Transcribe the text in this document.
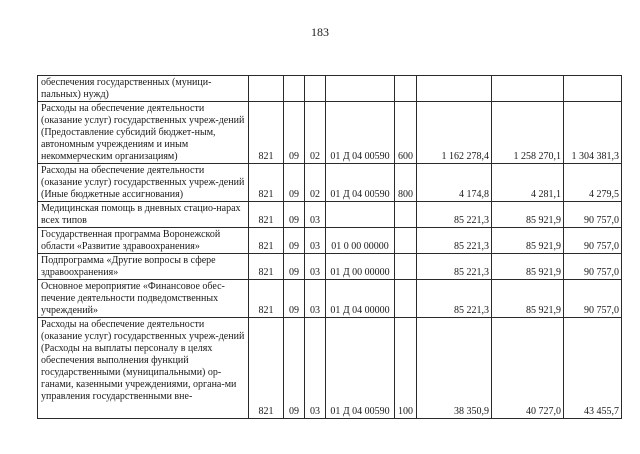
183
обеспечения государственных (муници-пальных) нужд)								
Расходы на обеспечение деятельности (оказание услуг) государственных учреж-дений (Предоставление субсидий бюджет-ным, автономным учреждениям и иным некоммерческим организациям)	821	09	02	01 Д 04 00590	600	1 162 278,4	1 258 270,1	1 304 381,3
Расходы на обеспечение деятельности (оказание услуг) государственных учреж-дений (Иные бюджетные ассигнования)	821	09	02	01 Д 04 00590	800	4 174,8	4 281,1	4 279,5
Медицинская помощь в дневных стацио-нарах всех типов	821	09	03			85 221,3	85 921,9	90 757,0
Государственная программа Воронежской области «Развитие здравоохранения»	821	09	03	01 0 00 00000		85 221,3	85 921,9	90 757,0
Подпрограмма «Другие вопросы в сфере здравоохранения»	821	09	03	01 Д 00 00000		85 221,3	85 921,9	90 757,0
Основное мероприятие «Финансовое обес-печение деятельности подведомственных учреждений»	821	09	03	01 Д 04 00000		85 221,3	85 921,9	90 757,0
Расходы на обеспечение деятельности (оказание услуг) государственных учреж-дений (Расходы на выплаты персоналу в целях обеспечения выполнения функций государственными (муниципальными) ор-ганами, казенными учреждениями, органа-ми управления государственными вне-	821	09	03	01 Д 04 00590	100	38 350,9	40 727,0	43 455,7
